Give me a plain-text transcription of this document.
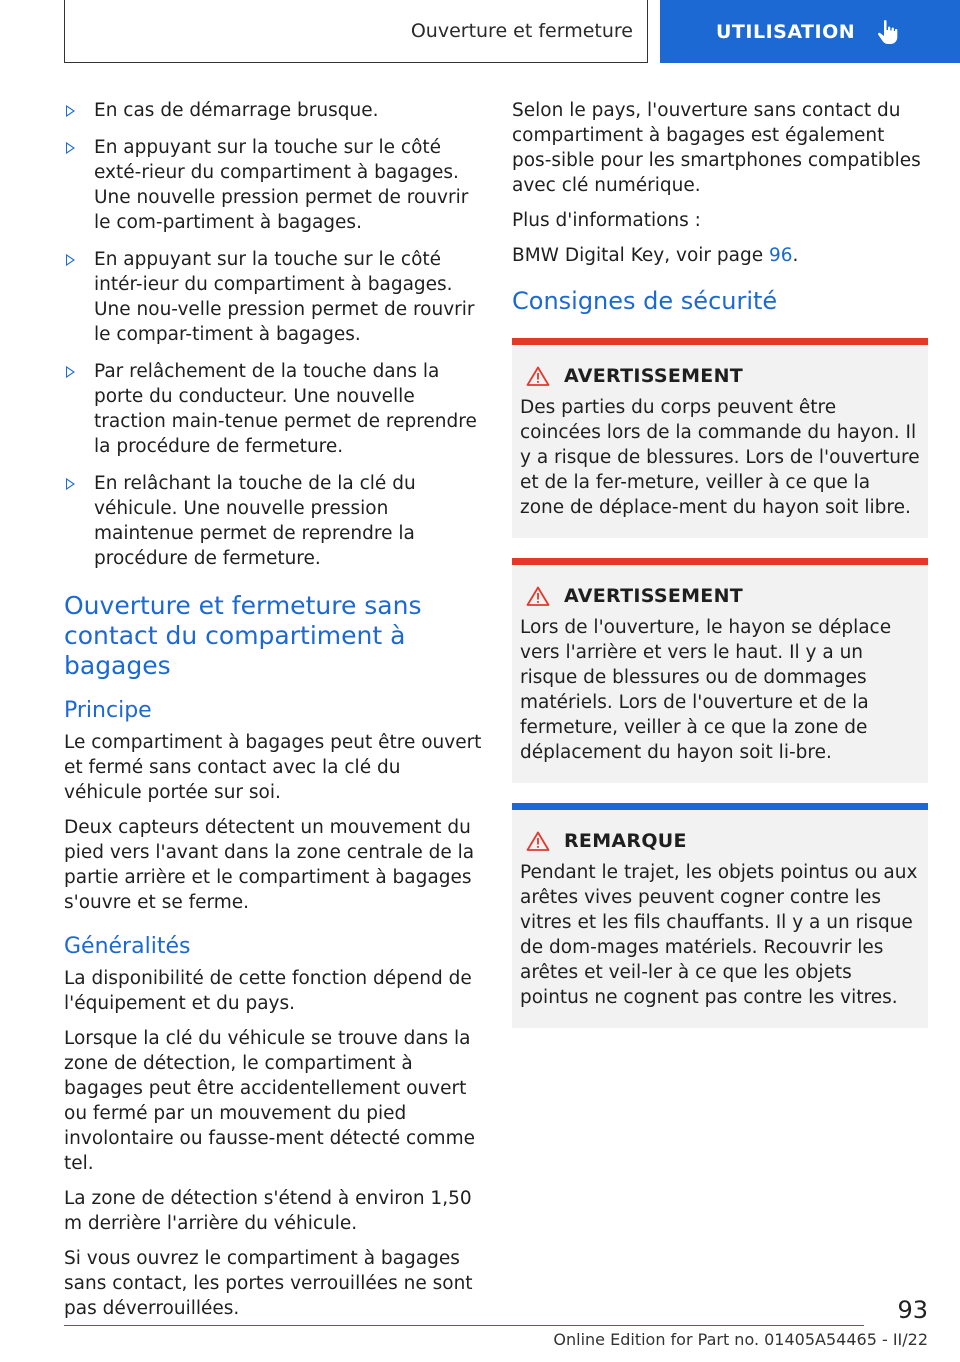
Ouverture et fermeture	UTILISATION
En cas de démarrage brusque.
En appuyant sur la touche sur le côté exté-rieur du compartiment à bagages. Une nouvelle pression permet de rouvrir le com-partiment à bagages.
En appuyant sur la touche sur le côté intér-ieur du compartiment à bagages. Une nou-velle pression permet de rouvrir le compar-timent à bagages.
Par relâchement de la touche dans la porte du conducteur. Une nouvelle traction main-tenue permet de reprendre la procédure de fermeture.
En relâchant la touche de la clé du véhicule. Une nouvelle pression maintenue permet de reprendre la procédure de fermeture.
Ouverture et fermeture sans contact du compartiment à bagages
Principe

Le compartiment à bagages peut être ouvert et fermé sans contact avec la clé du véhicule portée sur soi.

Deux capteurs détectent un mouvement du pied vers l'avant dans la zone centrale de la partie arrière et le compartiment à bagages s'ouvre et se ferme.

Généralités

La disponibilité de cette fonction dépend de l'équipement et du pays.

Lorsque la clé du véhicule se trouve dans la zone de détection, le compartiment à bagages peut être accidentellement ouvert ou fermé par un mouvement du pied involontaire ou fausse-ment détecté comme tel.

La zone de détection s'étend à environ 1,50 m derrière l'arrière du véhicule.

Si vous ouvrez le compartiment à bagages sans contact, les portes verrouillées ne sont pas déverrouillées.

Selon le pays, l'ouverture sans contact du compartiment à bagages est également pos-sible pour les smartphones compatibles avec clé numérique.

Plus d'informations :

BMW Digital Key, voir page 96.

Consignes de sécurité
AVERTISSEMENT

Des parties du corps peuvent être coincées lors de la commande du hayon. Il y a risque de blessures. Lors de l'ouverture et de la fer-meture, veiller à ce que la zone de déplace-ment du hayon soit libre.

AVERTISSEMENT

Lors de l'ouverture, le hayon se déplace vers l'arrière et vers le haut. Il y a un risque de blessures ou de dommages matériels. Lors de l'ouverture et de la fermeture, veiller à ce que la zone de déplacement du hayon soit li-bre.

REMARQUE

Pendant le trajet, les objets pointus ou aux arêtes vives peuvent cogner contre les vitres et les fils chauffants. Il y a un risque de dom-mages matériels. Recouvrir les arêtes et veil-ler à ce que les objets pointus ne cognent pas contre les vitres.

93
Online Edition for Part no. 01405A54465 - II/22
